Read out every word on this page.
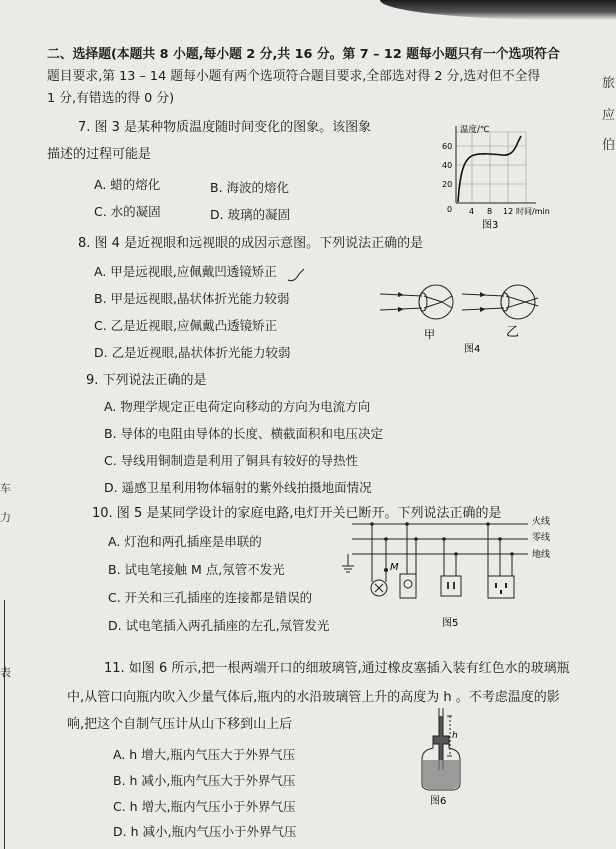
旅
应
伯
车
力
表
二、选择题(本题共 8 小题,每小题 2 分,共 16 分。第 7 – 12 题每小题只有一个选项符合
题目要求,第 13 – 14 题每小题有两个选项符合题目要求,全部选对得 2 分,选对但不全得
1 分,有错选的得 0 分)
7. 图 3 是某种物质温度随时间变化的图象。该图象
描述的过程可能是
A. 蜡的熔化	B. 海波的熔化
C. 水的凝固	D. 玻璃的凝固
温度/℃
60
40
20
0 4 8 12 时间/min
图3
8. 图 4 是近视眼和远视眼的成因示意图。下列说法正确的是
A. 甲是远视眼,应佩戴凹透镜矫正
B. 甲是远视眼,晶状体折光能力较弱
C. 乙是近视眼,应佩戴凸透镜矫正
D. 乙是近视眼,晶状体折光能力较弱
甲	乙
图4
9. 下列说法正确的是
A. 物理学规定正电荷定向移动的方向为电流方向
B. 导体的电阻由导体的长度、横截面积和电压决定
C. 导线用铜制造是利用了铜具有较好的导热性
D. 遥感卫星利用物体辐射的紫外线拍摄地面情况
10. 图 5 是某同学设计的家庭电路,电灯开关已断开。下列说法正确的是
A. 灯泡和两孔插座是串联的
B. 试电笔接触 M 点,氖管不发光
C. 开关和三孔插座的连接都是错误的
D. 试电笔插入两孔插座的左孔,氖管发光
M
火线
零线
地线
图5
11. 如图 6 所示,把一根两端开口的细玻璃管,通过橡皮塞插入装有红色水的玻璃瓶
中,从管口向瓶内吹入少量气体后,瓶内的水沿玻璃管上升的高度为 h 。不考虑温度的影
响,把这个自制气压计从山下移到山上后
A. h 增大,瓶内气压大于外界气压
B. h 减小,瓶内气压大于外界气压
C. h 增大,瓶内气压小于外界气压
D. h 减小,瓶内气压小于外界气压
h
图6
